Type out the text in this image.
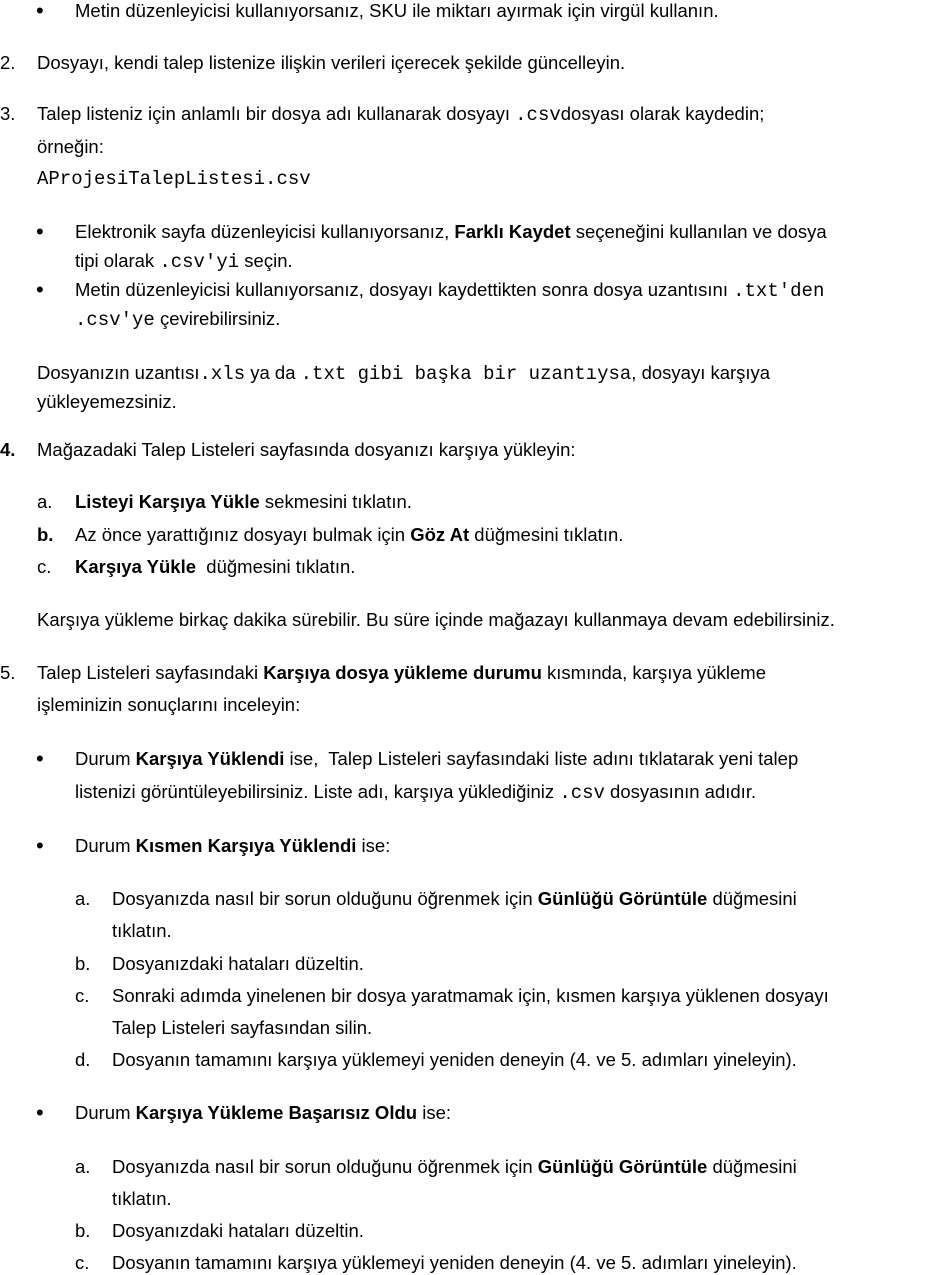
• Metin düzenleyicisi kullanıyorsanız, SKU ile miktarı ayırmak için virgül kullanın.
2. Dosyayı, kendi talep listenize ilişkin verileri içerecek şekilde güncelleyin.
3. Talep listeniz için anlamlı bir dosya adı kullanarak dosyayı .csvdosyası olarak kaydedin;
örneğin:
AProjesiTalepListesi.csv
• Elektronik sayfa düzenleyicisi kullanıyorsanız, Farklı Kaydet seçeneğini kullanılan ve dosya
tipi olarak .csv'yi seçin.
• Metin düzenleyicisi kullanıyorsanız, dosyayı kaydettikten sonra dosya uzantısını .txt'den
.csv'ye çevirebilirsiniz.
Dosyanızın uzantısı.xls ya da .txt gibi başka bir uzantıysa, dosyayı karşıya
yükleyemezsiniz.
4. Mağazadaki Talep Listeleri sayfasında dosyanızı karşıya yükleyin:
a. Listeyi Karşıya Yükle sekmesini tıklatın.
b. Az önce yarattığınız dosyayı bulmak için Göz At düğmesini tıklatın.
c. Karşıya Yükle  düğmesini tıklatın.
Karşıya yükleme birkaç dakika sürebilir. Bu süre içinde mağazayı kullanmaya devam edebilirsiniz.
5. Talep Listeleri sayfasındaki Karşıya dosya yükleme durumu kısmında, karşıya yükleme
işleminizin sonuçlarını inceleyin:
• Durum Karşıya Yüklendi ise,  Talep Listeleri sayfasındaki liste adını tıklatarak yeni talep
listenizi görüntüleyebilirsiniz. Liste adı, karşıya yüklediğiniz .csv dosyasının adıdır.
• Durum Kısmen Karşıya Yüklendi ise:
a. Dosyanızda nasıl bir sorun olduğunu öğrenmek için Günlüğü Görüntüle düğmesini
tıklatın.
b. Dosyanızdaki hataları düzeltin.
c. Sonraki adımda yinelenen bir dosya yaratmamak için, kısmen karşıya yüklenen dosyayı
Talep Listeleri sayfasından silin.
d. Dosyanın tamamını karşıya yüklemeyi yeniden deneyin (4. ve 5. adımları yineleyin).
• Durum Karşıya Yükleme Başarısız Oldu ise:
a. Dosyanızda nasıl bir sorun olduğunu öğrenmek için Günlüğü Görüntüle düğmesini
tıklatın.
b. Dosyanızdaki hataları düzeltin.
c. Dosyanın tamamını karşıya yüklemeyi yeniden deneyin (4. ve 5. adımları yineleyin).
